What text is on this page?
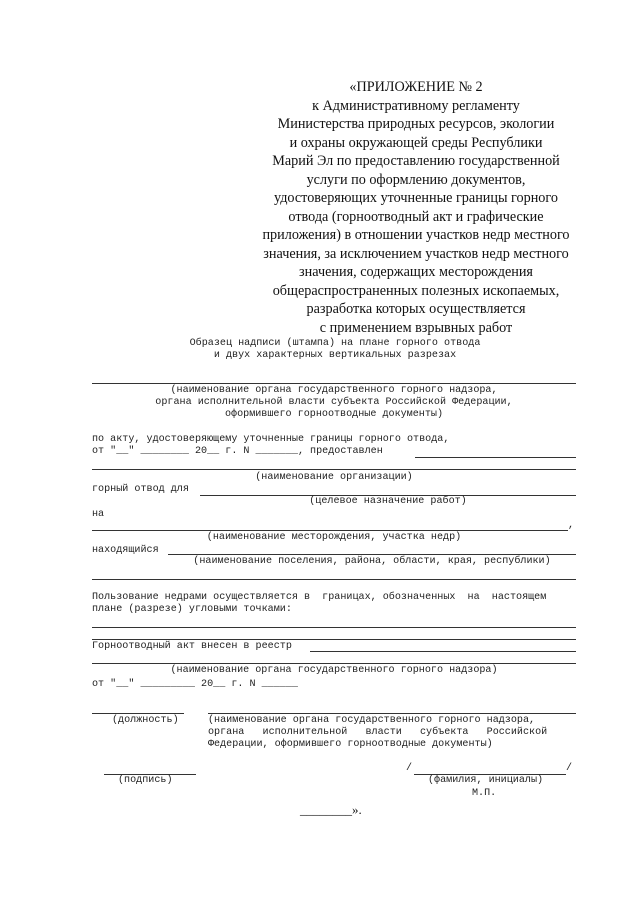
«ПРИЛОЖЕНИЕ № 2
к Административному регламенту
Министерства природных ресурсов, экологии
и охраны окружающей среды Республики
Марий Эл по предоставлению государственной
услуги по оформлению документов,
удостоверяющих уточненные границы горного
отвода (горноотводный акт и графические
приложения) в отношении участков недр местного
значения, за исключением участков недр местного
значения, содержащих месторождения
общераспространенных полезных ископаемых,
разработка которых осуществляется
с применением взрывных работ
Образец надписи (штампа) на плане горного отвода
и двух характерных вертикальных разрезах
(наименование органа государственного горного надзора,
органа исполнительной власти субъекта Российской Федерации,
оформившего горноотводные документы)
по акту, удостоверяющему уточненные границы горного отвода,
от "__" ________ 20__ г. N _______, предоставлен
(наименование организации)
горный отвод для
(целевое назначение работ)
на
,
(наименование месторождения, участка недр)
находящийся
(наименование поселения, района, области, края, республики)
Пользование недрами осуществляется в  границах, обозначенных  на  настоящем
плане (разрезе) угловыми точками:
Горноотводный акт внесен в реестр
(наименование органа государственного горного надзора)
от "__" _________ 20__ г. N ______
(должность)	(наименование органа государственного горного надзора,
органа   исполнительной   власти   субъекта   Российской
Федерации, оформившего горноотводные документы)
(подпись)
/	/
(фамилия, инициалы)
М.П.
________».
